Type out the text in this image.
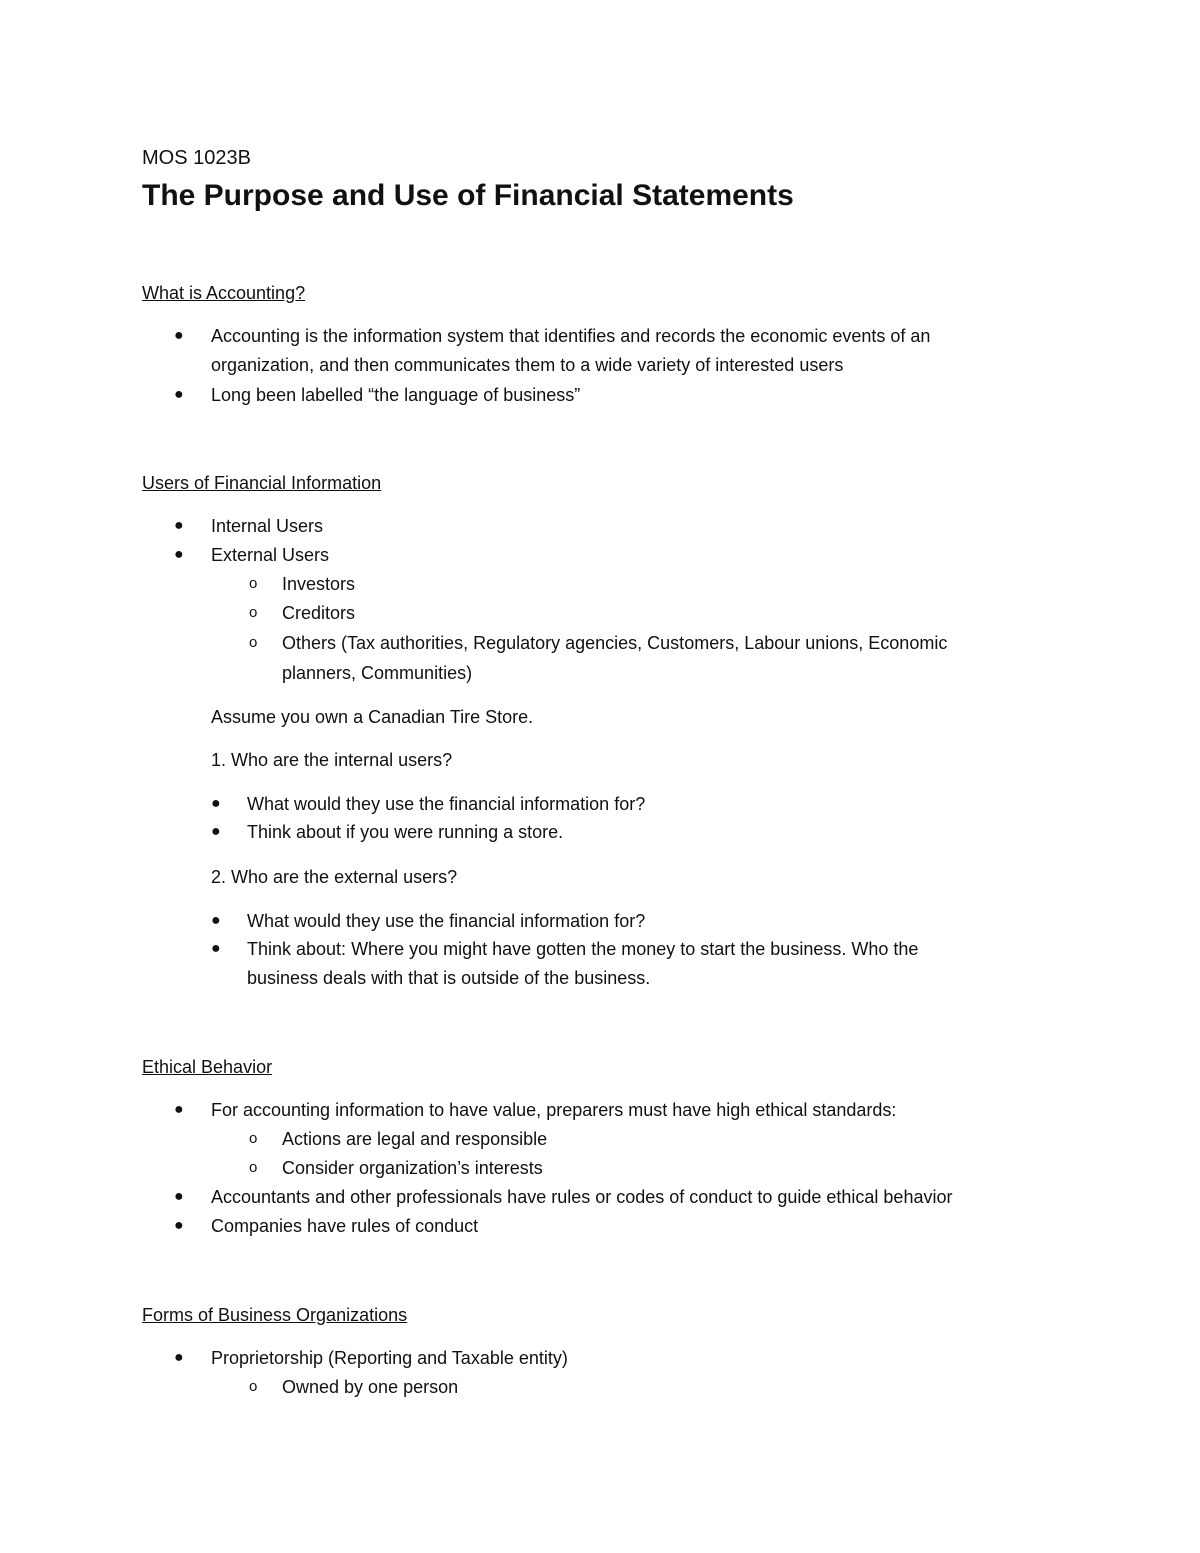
MOS 1023B
The Purpose and Use of Financial Statements
What is Accounting?
● Accounting is the information system that identifies and records the economic events of an
organization, and then communicates them to a wide variety of interested users
● Long been labelled “the language of business”
Users of Financial Information
● Internal Users
● External Users
o Investors
o Creditors
o Others (Tax authorities, Regulatory agencies, Customers, Labour unions, Economic
planners, Communities)
Assume you own a Canadian Tire Store.
1. Who are the internal users?
● What would they use the financial information for?
● Think about if you were running a store.
2. Who are the external users?
● What would they use the financial information for?
● Think about: Where you might have gotten the money to start the business. Who the
business deals with that is outside of the business.
Ethical Behavior
● For accounting information to have value, preparers must have high ethical standards:
o Actions are legal and responsible
o Consider organization’s interests
● Accountants and other professionals have rules or codes of conduct to guide ethical behavior
● Companies have rules of conduct
Forms of Business Organizations
● Proprietorship (Reporting and Taxable entity)
o Owned by one person
